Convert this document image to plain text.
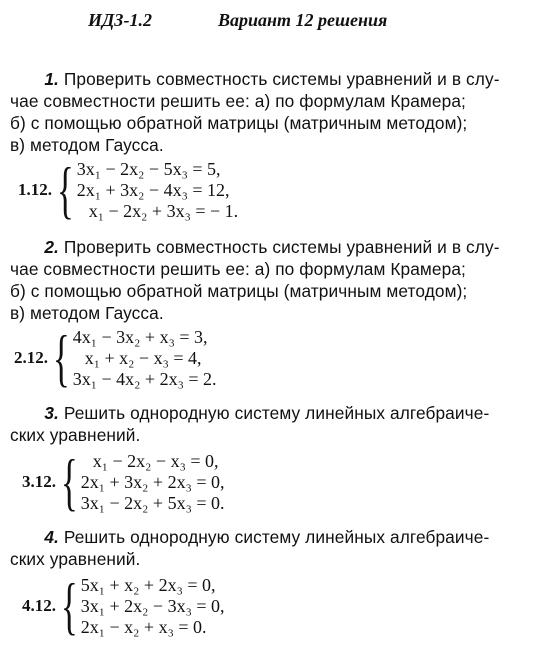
ИДЗ-1.2	Вариант 12 решения
1. Проверить совместность системы уравнений и в слу-
чае совместности решить ее: а) по формулам Крамера;
б) с помощью обратной матрицы (матричным методом);
в) методом Гаусса.
1.12. { 3x₁ − 2x₂ − 5x₃ = 5,
2x₁ + 3x₂ − 4x₃ = 12,
x₁ − 2x₂ + 3x₃ = − 1.
2. Проверить совместность системы уравнений и в слу-
чае совместности решить ее: а) по формулам Крамера;
б) с помощью обратной матрицы (матричным методом);
в) методом Гаусса.
2.12. { 4x₁ − 3x₂ + x₃ = 3,
x₁ + x₂ − x₃ = 4,
3x₁ − 4x₂ + 2x₃ = 2.
3. Решить однородную систему линейных алгебраиче-
ских уравнений.
3.12. { x₁ − 2x₂ − x₃ = 0,
2x₁ + 3x₂ + 2x₃ = 0,
3x₁ − 2x₂ + 5x₃ = 0.
4. Решить однородную систему линейных алгебраиче-
ских уравнений.
4.12. { 5x₁ + x₂ + 2x₃ = 0,
3x₁ + 2x₂ − 3x₃ = 0,
2x₁ − x₂ + x₃ = 0.
